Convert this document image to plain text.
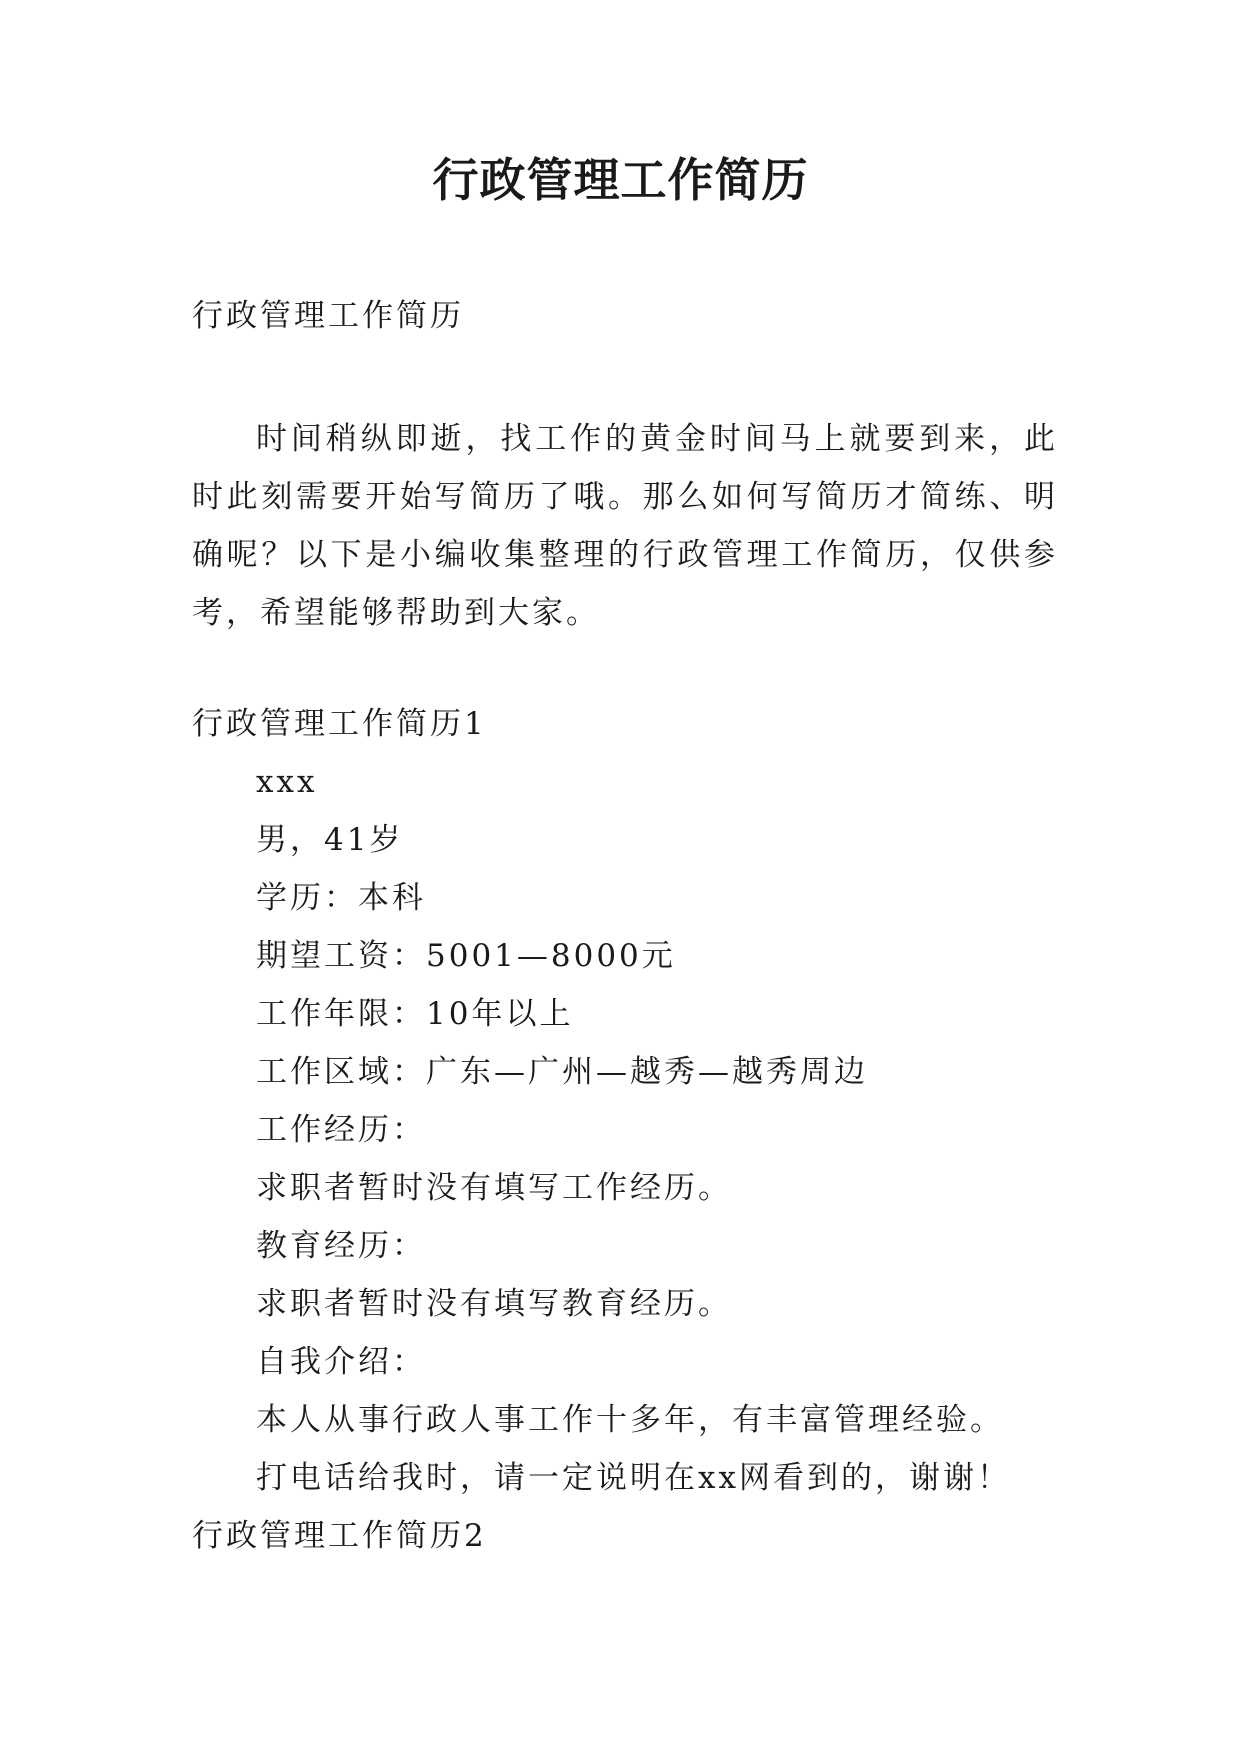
行政管理工作简历
行政管理工作简历
时间稍纵即逝，找工作的黄金时间马上就要到来，此时此刻需要开始写简历了哦。那么如何写简历才简练、明确呢？以下是小编收集整理的行政管理工作简历，仅供参考，希望能够帮助到大家。
行政管理工作简历1
xxx
男，41岁
学历：本科
期望工资：5001—8000元
工作年限：10年以上
工作区域：广东—广州—越秀—越秀周边
工作经历：
求职者暂时没有填写工作经历。
教育经历：
求职者暂时没有填写教育经历。
自我介绍：
本人从事行政人事工作十多年，有丰富管理经验。
打电话给我时，请一定说明在xx网看到的，谢谢！
行政管理工作简历2
